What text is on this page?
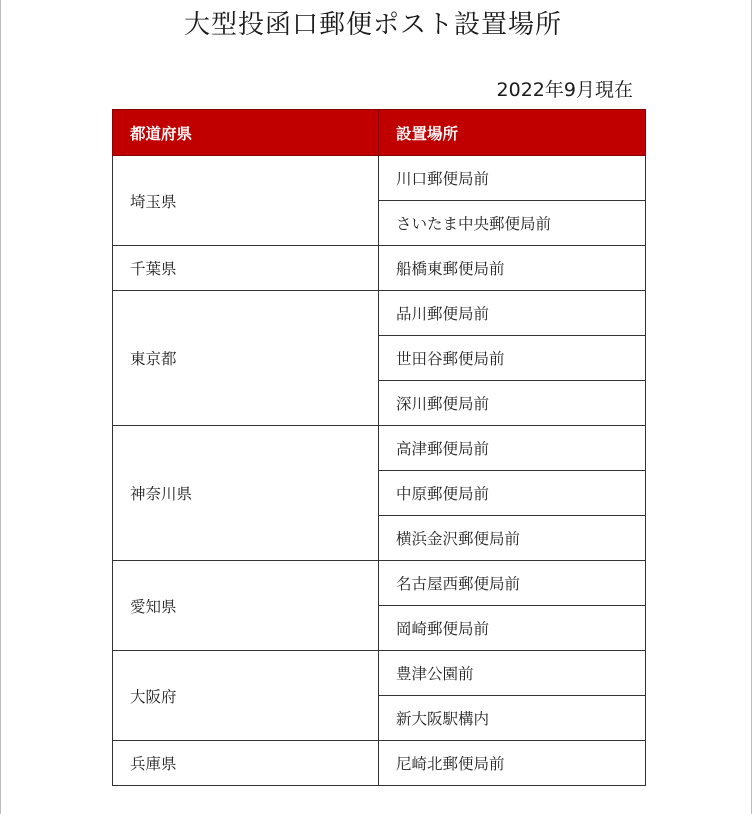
大型投函口郵便ポスト設置場所
2022年9月現在
都道府県	設置場所
埼玉県	川口郵便局前
	さいたま中央郵便局前
千葉県	船橋東郵便局前
東京都	品川郵便局前
	世田谷郵便局前
	深川郵便局前
神奈川県	高津郵便局前
	中原郵便局前
	横浜金沢郵便局前
愛知県	名古屋西郵便局前
	岡崎郵便局前
大阪府	豊津公園前
	新大阪駅構内
兵庫県	尼崎北郵便局前
